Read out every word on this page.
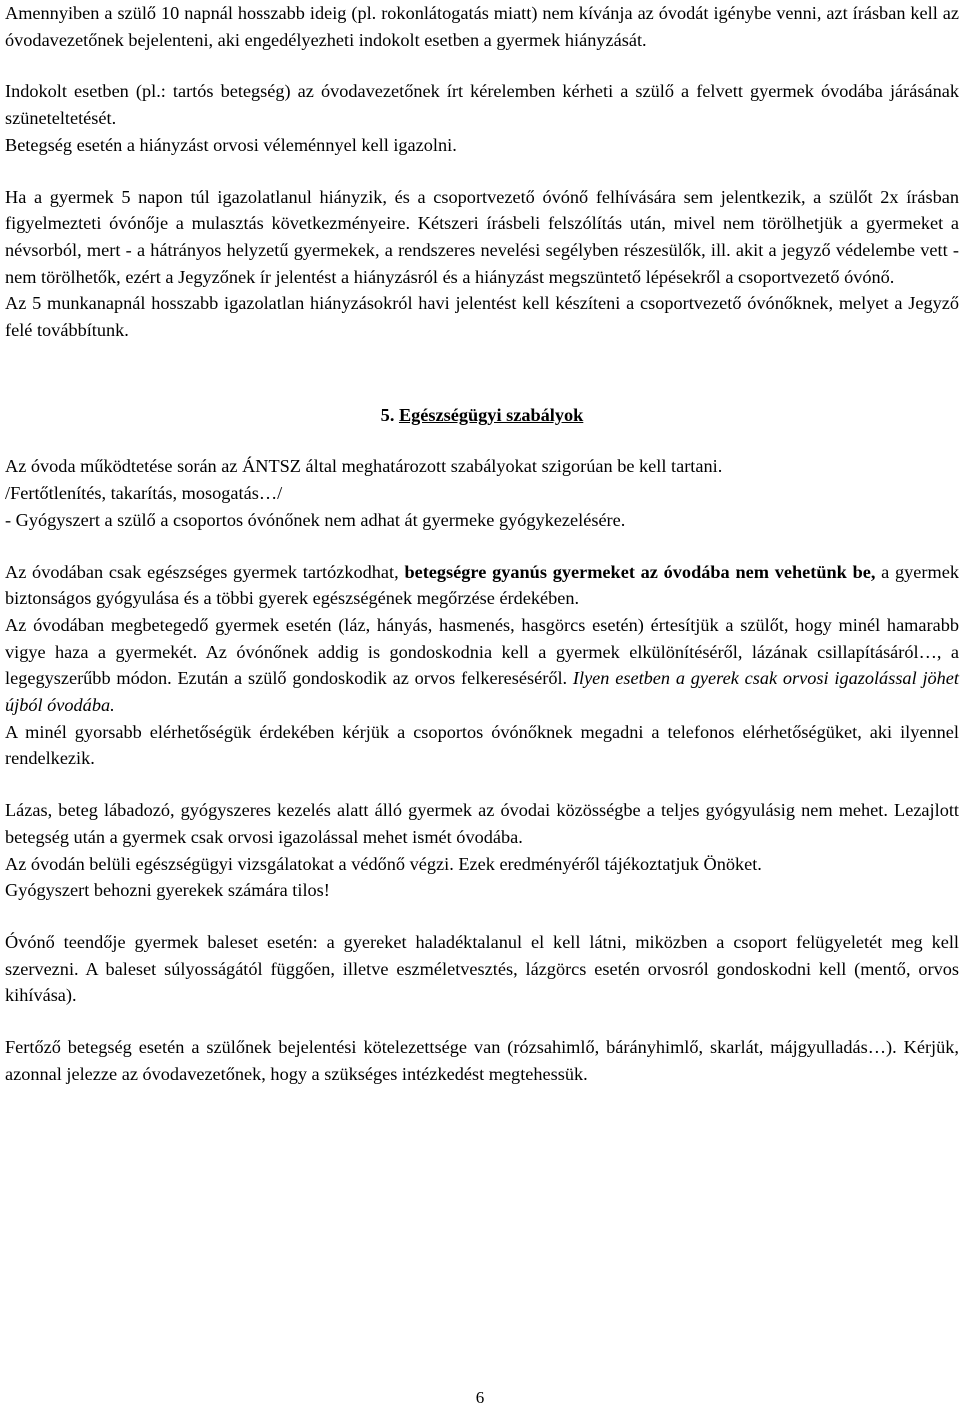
Amennyiben a szülő 10 napnál hosszabb ideig (pl. rokonlátogatás miatt) nem kívánja az óvodát igénybe venni, azt írásban kell az óvodavezetőnek bejelenteni, aki engedélyezheti indokolt esetben a gyermek hiányzását.

Indokolt esetben (pl.: tartós betegség) az óvodavezetőnek írt kérelemben kérheti a szülő a felvett gyermek óvodába járásának szüneteltetését.

Betegség esetén a hiányzást orvosi véleménnyel kell igazolni.

Ha a gyermek 5 napon túl igazolatlanul hiányzik, és a csoportvezető óvónő felhívására sem jelentkezik, a szülőt 2x írásban figyelmezteti óvónője a mulasztás következményeire. Kétszeri írásbeli felszólítás után, mivel nem törölhetjük a gyermeket a névsorból, mert - a hátrányos helyzetű gyermekek, a rendszeres nevelési segélyben részesülők, ill. akit a jegyző védelembe vett - nem törölhetők, ezért a Jegyzőnek ír jelentést a hiányzásról és a hiányzást megszüntető lépésekről a csoportvezető óvónő.

Az 5 munkanapnál hosszabb igazolatlan hiányzásokról havi jelentést kell készíteni a csoportvezető óvónőknek, melyet a Jegyző felé továbbítunk.

5. Egészségügyi szabályok

Az óvoda működtetése során az ÁNTSZ által meghatározott szabályokat szigorúan be kell tartani.

/Fertőtlenítés, takarítás, mosogatás…/

- Gyógyszert a szülő a csoportos óvónőnek nem adhat át gyermeke gyógykezelésére.

Az óvodában csak egészséges gyermek tartózkodhat, betegségre gyanús gyermeket az óvodába nem vehetünk be, a gyermek biztonságos gyógyulása és a többi gyerek egészségének megőrzése érdekében.

Az óvodában megbetegedő gyermek esetén (láz, hányás, hasmenés, hasgörcs esetén) értesítjük a szülőt, hogy minél hamarabb vigye haza a gyermekét. Az óvónőnek addig is gondoskodnia kell a gyermek elkülönítéséről, lázának csillapításáról…, a legegyszerűbb módon. Ezután a szülő gondoskodik az orvos felkereséséről. Ilyen esetben a gyerek csak orvosi igazolással jöhet újból óvodába.

A minél gyorsabb elérhetőségük érdekében kérjük a csoportos óvónőknek megadni a telefonos elérhetőségüket, aki ilyennel rendelkezik.

Lázas, beteg lábadozó, gyógyszeres kezelés alatt álló gyermek az óvodai közösségbe a teljes gyógyulásig nem mehet. Lezajlott betegség után a gyermek csak orvosi igazolással mehet ismét óvodába.

Az óvodán belüli egészségügyi vizsgálatokat a védőnő végzi. Ezek eredményéről tájékoztatjuk Önöket.

Gyógyszert behozni gyerekek számára tilos!

Óvónő teendője gyermek baleset esetén: a gyereket haladéktalanul el kell látni, miközben a csoport felügyeletét meg kell szervezni. A baleset súlyosságától függően, illetve eszméletvesztés, lázgörcs esetén orvosról gondoskodni kell (mentő, orvos kihívása).

Fertőző betegség esetén a szülőnek bejelentési kötelezettsége van (rózsahimlő, bárányhimlő, skarlát, májgyulladás…). Kérjük, azonnal jelezze az óvodavezetőnek, hogy a szükséges intézkedést megtehessük.

6
